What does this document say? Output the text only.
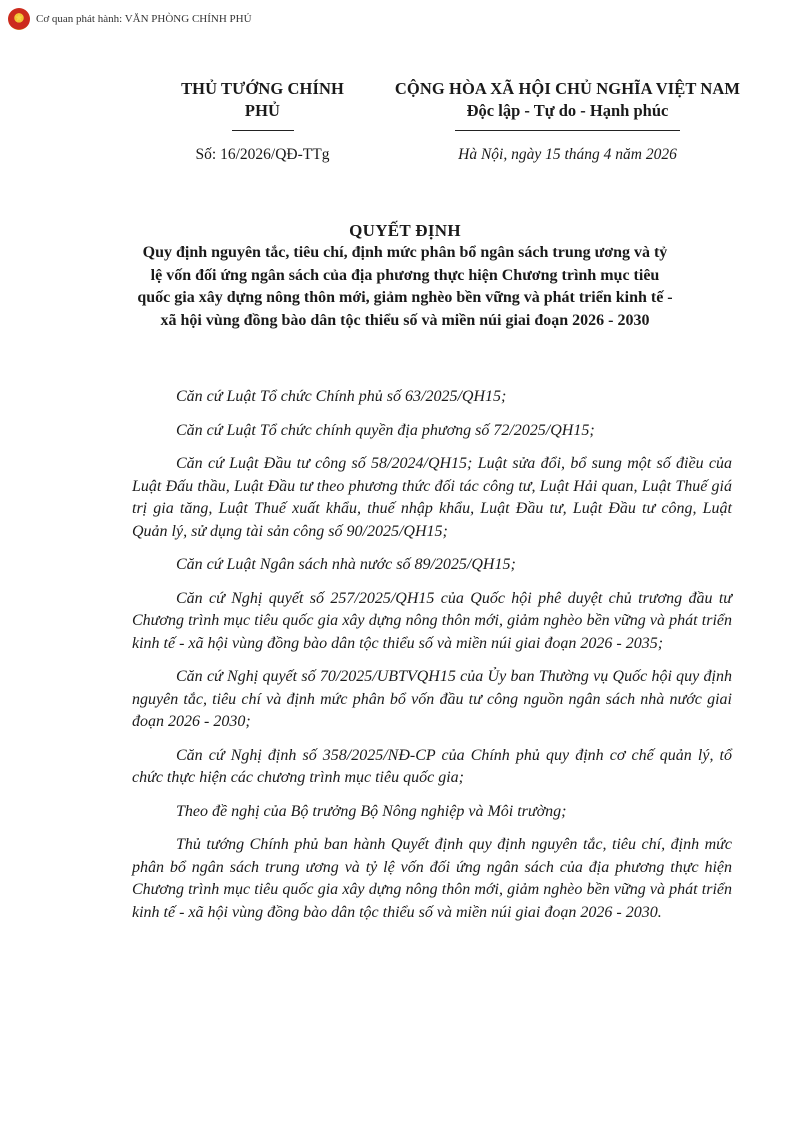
★	Cơ quan phát hành: VĂN PHÒNG CHÍNH PHỦ
THỦ TƯỚNG CHÍNH PHỦ
CỘNG HÒA XÃ HỘI CHỦ NGHĨA VIỆT NAM
Độc lập - Tự do - Hạnh phúc
Số: 16/2026/QĐ-TTg	Hà Nội, ngày 15 tháng 4 năm 2026
QUYẾT ĐỊNH
Quy định nguyên tắc, tiêu chí, định mức phân bổ ngân sách trung ương và tỷ lệ vốn đối ứng ngân sách của địa phương thực hiện Chương trình mục tiêu quốc gia xây dựng nông thôn mới, giảm nghèo bền vững và phát triển kinh tế - xã hội vùng đồng bào dân tộc thiểu số và miền núi giai đoạn 2026 - 2030

Căn cứ Luật Tổ chức Chính phủ số 63/2025/QH15;

Căn cứ Luật Tổ chức chính quyền địa phương số 72/2025/QH15;

Căn cứ Luật Đầu tư công số 58/2024/QH15; Luật sửa đổi, bổ sung một số điều của Luật Đấu thầu, Luật Đầu tư theo phương thức đối tác công tư, Luật Hải quan, Luật Thuế giá trị gia tăng, Luật Thuế xuất khẩu, thuế nhập khẩu, Luật Đầu tư, Luật Đầu tư công, Luật Quản lý, sử dụng tài sản công số 90/2025/QH15;

Căn cứ Luật Ngân sách nhà nước số 89/2025/QH15;

Căn cứ Nghị quyết số 257/2025/QH15 của Quốc hội phê duyệt chủ trương đầu tư Chương trình mục tiêu quốc gia xây dựng nông thôn mới, giảm nghèo bền vững và phát triển kinh tế - xã hội vùng đồng bào dân tộc thiểu số và miền núi giai đoạn 2026 - 2035;

Căn cứ Nghị quyết số 70/2025/UBTVQH15 của Ủy ban Thường vụ Quốc hội quy định nguyên tắc, tiêu chí và định mức phân bổ vốn đầu tư công nguồn ngân sách nhà nước giai đoạn 2026 - 2030;

Căn cứ Nghị định số 358/2025/NĐ-CP của Chính phủ quy định cơ chế quản lý, tổ chức thực hiện các chương trình mục tiêu quốc gia;

Theo đề nghị của Bộ trưởng Bộ Nông nghiệp và Môi trường;

Thủ tướng Chính phủ ban hành Quyết định quy định nguyên tắc, tiêu chí, định mức phân bổ ngân sách trung ương và tỷ lệ vốn đối ứng ngân sách của địa phương thực hiện Chương trình mục tiêu quốc gia xây dựng nông thôn mới, giảm nghèo bền vững và phát triển kinh tế - xã hội vùng đồng bào dân tộc thiểu số và miền núi giai đoạn 2026 - 2030.
